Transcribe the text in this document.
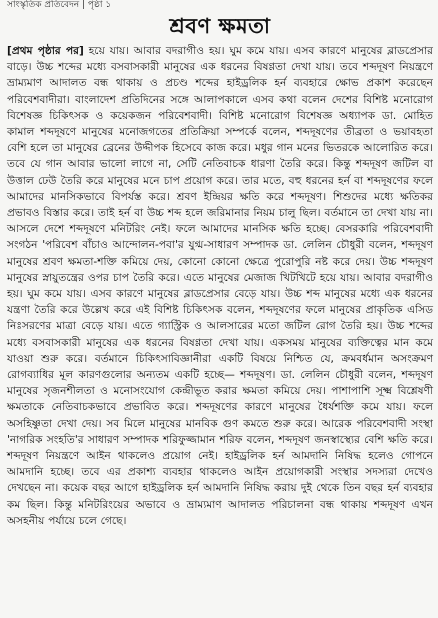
সাংস্কৃতিক প্রতিবেদন | পৃষ্ঠা ১
শ্রবণ ক্ষমতা

[প্রথম পৃষ্ঠার পর] হয়ে যায়। আবার বদরাগীও হয়। ঘুম কমে যায়। এসব কারণে মানুষের ব্লাডপ্রেসার বাড়ে। উচ্চ শব্দের মধ্যে বসবাসকারী মানুষের এক ধরনের বিষণ্ণতা দেখা যায়। তবে শব্দদূষণ নিয়ন্ত্রণে ভ্রাম্যমাণ আদালত বন্ধ থাকায় ও প্রচণ্ড শব্দের হাইড্রলিক হর্ন ব্যবহারে ক্ষোভ প্রকাশ করেছেন পরিবেশবাদীরা। বাংলাদেশ প্রতিদিনের সঙ্গে আলাপকালে এসব কথা বলেন দেশের বিশিষ্ট মনোরোগ বিশেষজ্ঞ চিকিৎসক ও কয়েকজন পরিবেশবাদী। বিশিষ্ট মনোরোগ বিশেষজ্ঞ অধ্যাপক ডা. মোহিত কামাল শব্দদূষণে মানুষের মনোজগতের প্রতিক্রিয়া সম্পর্কে বলেন, শব্দদূষণের তীব্রতা ও ভয়াবহতা বেশি হলে তা মানুষের ব্রেনের উদ্দীপক হিসেবে কাজ করে। মধুর গান মনের ভিতরকে আলোরিত করে। তবে যে গান আবার ভালো লাগে না, সেটি নেতিবাচক ধারণা তৈরি করে। কিন্তু শব্দদূষণ জটিল বা উত্তাল ঢেউ তৈরি করে মানুষের মনে চাপ প্রয়োগ করে। তার মতে, বহু ধরনের হর্ন বা শব্দদূষণের ফলে আমাদের মানসিকভাবে বিপর্যস্ত করে। শ্রবণ ইন্দ্রিয়র ক্ষতি করে শব্দদূষণ। শিশুদের মধ্যে ক্ষতিকর প্রভাবও বিস্তার করে। তাই হর্ন বা উচ্চ শব্দ হলে জরিমানার নিয়ম চালু ছিল। বর্তমানে তা দেখা যায় না। আসলে দেশে শব্দদূষণে মনিটরিং নেই। ফলে আমাদের মানসিক ক্ষতি হচ্ছে। বেসরকারি পরিবেশবাদী সংগঠন 'পরিবেশ বাঁচাও আন্দোলন-পবা'র যুগ্ম-সাধারণ সম্পাদক ডা. লেলিন চৌধুরী বলেন, শব্দদূষণ মানুষের শ্রবণ ক্ষমতা-শক্তি কমিয়ে দেয়, কোনো কোনো ক্ষেত্রে পুরোপুরি নষ্ট করে দেয়। উচ্চ শব্দদূষণ মানুষের স্নায়ুতন্ত্রের ওপর চাপ তৈরি করে। এতে মানুষের মেজাজ খিটখিটে হয়ে যায়। আবার বদরাগীও হয়। ঘুম কমে যায়। এসব কারণে মানুষের ব্লাডপ্রেসার বেড়ে যায়। উচ্চ শব্দ মানুষের মধ্যে এক ধরনের যন্ত্রণা তৈরি করে উল্লেখ করে এই বিশিষ্ট চিকিৎসক বলেন, শব্দদূষণের ফলে মানুষের প্রাকৃতিক এসিড নিঃসরণের মাত্রা বেড়ে যায়। এতে গ্যাস্ট্রিক ও আলসারের মতো জটিল রোগ তৈরি হয়। উচ্চ শব্দের মধ্যে বসবাসকারী মানুষের এক ধরনের বিষণ্ণতা দেখা যায়। একসময় মানুষের ব্যক্তিত্বের মান কমে যাওয়া শুরু করে। বর্তমানে চিকিৎসাবিজ্ঞানীরা একটি বিষয়ে নিশ্চিত যে, ক্রমবর্ধমান অসংক্রমণ রোগব্যাধির মূল কারণগুলোর অন্যতম একটি হচ্ছে— শব্দদূষণ। ডা. লেলিন চৌধুরী বলেন, শব্দদূষণ মানুষের সৃজনশীলতা ও মনোসংযোগ কেন্দ্রীভূত করার ক্ষমতা কমিয়ে দেয়। পাশাপাশি সূক্ষ্ম বিশ্লেষণী ক্ষমতাকে নেতিবাচকভাবে প্রভাবিত করে। শব্দদূষণের কারণে মানুষের ধৈর্যশক্তি কমে যায়। ফলে অসহিষ্ণুতা দেখা দেয়। সব মিলে মানুষের মানবিক গুণ কমতে শুরু করে। আরেক পরিবেশবাদী সংস্থা 'নাগরিক সংহতি'র সাধারণ সম্পাদক শরিফুজ্জামান শরিফ বলেন, শব্দদূষণ জনস্বাস্থ্যের বেশি ক্ষতি করে। শব্দদূষণ নিয়ন্ত্রণে আইন থাকলেও প্রয়োগ নেই। হাইড্রলিক হর্ন আমদানি নিষিদ্ধ হলেও গোপনে আমদানি হচ্ছে। তবে এর প্রকাশ্য ব্যবহার থাকলেও আইন প্রয়োগকারী সংস্থার সদস্যরা দেখেও দেখছেন না। কয়েক বছর আগে হাইড্রলিক হর্ন আমদানি নিষিদ্ধ করায় দুই থেকে তিন বছর হর্ন ব্যবহার কম ছিল। কিন্তু মনিটরিংয়ের অভাবে ও ভ্রাম্যমাণ আদালত পরিচালনা বন্ধ থাকায় শব্দদূষণ এখন অসহনীয় পর্যায়ে চলে গেছে।
